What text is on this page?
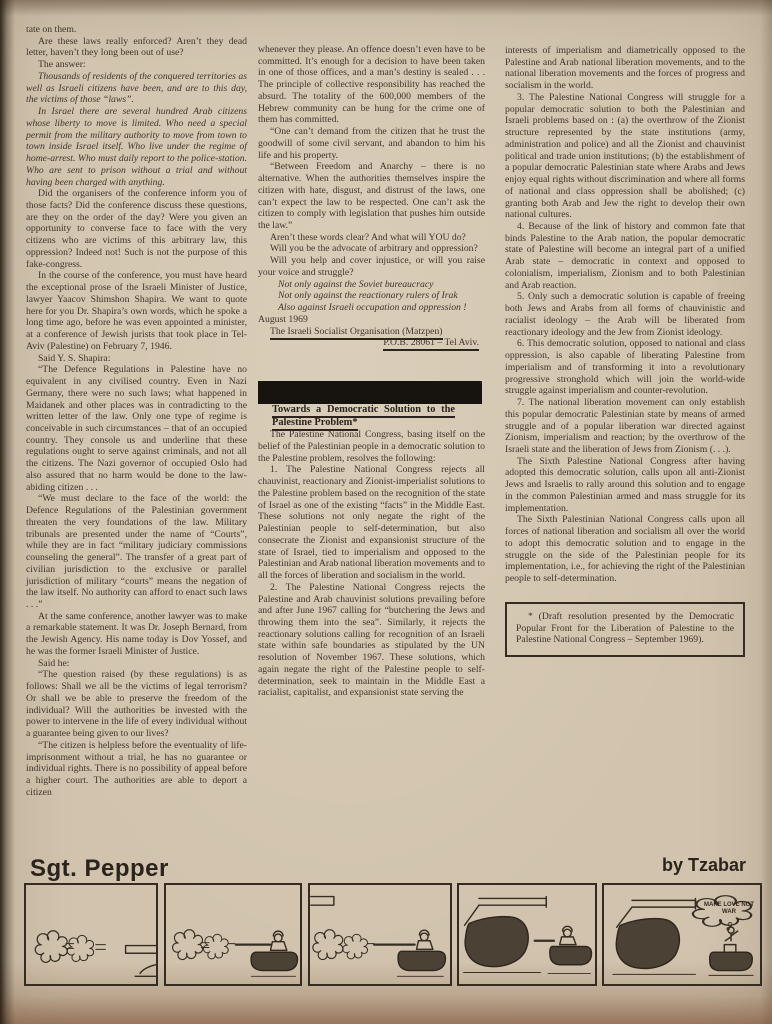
tate on them.

Are these laws really enforced? Aren’t they dead letter, haven’t they long been out of use?

The answer:

Thousands of residents of the conquered territories as well as Israeli citizens have been, and are to this day, the victims of those “laws”.

In Israel there are several hundred Arab citizens whose liberty to move is limited. Who need a special permit from the military authority to move from town to town inside Israel itself. Who live under the regime of home-arrest. Who must daily report to the police-station. Who are sent to prison without a trial and without having been charged with anything.

Did the organisers of the conference inform you of those facts? Did the conference discuss these questions, are they on the order of the day? Were you given an opportunity to converse face to face with the very citizens who are victims of this arbitrary law, this oppression? Indeed not! Such is not the purpose of this fake-congress.

In the course of the conference, you must have heard the exceptional prose of the Israeli Minister of Justice, lawyer Yaacov Shimshon Shapira. We want to quote here for you Dr. Shapira’s own words, which he spoke a long time ago, before he was even appointed a minister, at a conference of Jewish jurists that took place in Tel-Aviv (Palestine) on February 7, 1946.

Said Y. S. Shapira:

“The Defence Regulations in Palestine have no equivalent in any civilised country. Even in Nazi Germany, there were no such laws; what happened in Maidanek and other places was in contradicting to the written letter of the law. Only one type of regime is conceivable in such circumstances – that of an occupied country. They console us and underline that these regulations ought to serve against criminals, and not all the citizens. The Nazi governor of occupied Oslo had also assured that no harm would be done to the law-abiding citizen . . .

“We must declare to the face of the world: the Defence Regulations of the Palestinian government threaten the very foundations of the law. Military tribunals are presented under the name of “Courts”, while they are in fact “military judiciary commissions counseling the general”. The transfer of a great part of civilian jurisdiction to the exclusive or parallel jurisdiction of military “courts” means the negation of the law itself. No authority can afford to enact such laws . . .”

At the same conference, another lawyer was to make a remarkable statement. It was Dr. Joseph Bernard, from the Jewish Agency. His name today is Dov Yossef, and he was the former Israeli Minister of Justice.

Said he:

“The question raised (by these regulations) is as follows: Shall we all be the victims of legal terrorism? Or shall we be able to preserve the freedom of the individual? Will the authorities be invested with the power to intervene in the life of every individual without a guarantee being given to our lives?

“The citizen is helpless before the eventuality of life-imprisonment without a trial, he has no guarantee or individual rights. There is no possibility of appeal before a higher court. The authorities are able to deport a citizen

whenever they please. An offence doesn’t even have to be committed. It’s enough for a decision to have been taken in one of those offices, and a man’s destiny is sealed . . . The principle of collective responsibility has reached the absurd. The totality of the 600,000 members of the Hebrew community can be hung for the crime one of them has committed.

“One can’t demand from the citizen that he trust the goodwill of some civil servant, and abandon to him his life and his property.

“Between Freedom and Anarchy – there is no alternative. When the authorities themselves inspire the citizen with hate, disgust, and distrust of the laws, one can’t expect the law to be respected. One can’t ask the citizen to comply with legislation that pushes him outside the law.”

Aren’t these words clear? And what will YOU do?

Will you be the advocate of arbitrary and oppression?

Will you help and cover injustice, or will you raise your voice and struggle?

Not only against the Soviet bureaucracy

Not only against the reactionary rulers of Irak

Also against Israeli occupation and oppression !

August 1969

The Israeli Socialist Organisation (Matzpen)

P.O.B. 28061 – Tel Aviv.

Towards a Democratic Solution to the Palestine Problem*

The Palestine National Congress, basing itself on the belief of the Palestinian people in a democratic solution to the Palestine problem, resolves the following:

1. The Palestine National Congress rejects all chauvinist, reactionary and Zionist-imperialist solutions to the Palestine problem based on the recognition of the state of Israel as one of the existing “facts” in the Middle East. These solutions not only negate the right of the Palestinian people to self-determination, but also consecrate the Zionist and expansionist structure of the state of Israel, tied to imperialism and opposed to the Palestinian and Arab national liberation movements and to all the forces of liberation and socialism in the world.

2. The Palestine National Congress rejects the Palestine and Arab chauvinist solutions prevailing before and after June 1967 calling for “butchering the Jews and throwing them into the sea”. Similarly, it rejects the reactionary solutions calling for recognition of an Israeli state within safe boundaries as stipulated by the UN resolution of November 1967. These solutions, which again negate the right of the Palestine people to self-determination, seek to maintain in the Middle East a racialist, capitalist, and expansionist state serving the

interests of imperialism and diametrically opposed to the Palestine and Arab national liberation movements, and to the national liberation movements and the forces of progress and socialism in the world.

3. The Palestine National Congress will struggle for a popular democratic solution to both the Palestinian and Israeli problems based on : (a) the overthrow of the Zionist structure represented by the state institutions (army, administration and police) and all the Zionist and chauvinist political and trade union institutions; (b) the establishment of a popular democratic Palestinian state where Arabs and Jews enjoy equal rights without discrimination and where all forms of national and class oppression shall be abolished; (c) granting both Arab and Jew the right to develop their own national cultures.

4. Because of the link of history and common fate that binds Palestine to the Arab nation, the popular democratic state of Palestine will become an integral part of a unified Arab state – democratic in context and opposed to colonialism, imperialism, Zionism and to both Palestinian and Arab reaction.

5. Only such a democratic solution is capable of freeing both Jews and Arabs from all forms of chauvinistic and racialist ideology – the Arab will be liberated from reactionary ideology and the Jew from Zionist ideology.

6. This democratic solution, opposed to national and class oppression, is also capable of liberating Palestine from imperialism and of transforming it into a revolutionary progressive stronghold which will join the world-wide struggle against imperialism and counter-revolution.

7. The national liberation movement can only establish this popular democratic Palestinian state by means of armed struggle and of a popular liberation war directed against Zionism, imperialism and reaction; by the overthrow of the Israeli state and the liberation of Jews from Zionism (. . .).

The Sixth Palestine National Congress after having adopted this democratic solution, calls upon all anti-Zionist Jews and Israelis to rally around this solution and to engage in the common Palestinian armed and mass struggle for its implementation.

The Sixth Palestinian National Congress calls upon all forces of national liberation and socialism all over the world to adopt this democratic solution and to engage in the struggle on the side of the Palestinian people for its implementation, i.e., for achieving the right of the Palestinian people to self-determination.

* (Draft resolution presented by the Democratic Popular Front for the Liberation of Palestine to the Palestine National Congress – September 1969).

Sgt. Pepper	by Tzabar
MAKE LOVE NOT WAR
